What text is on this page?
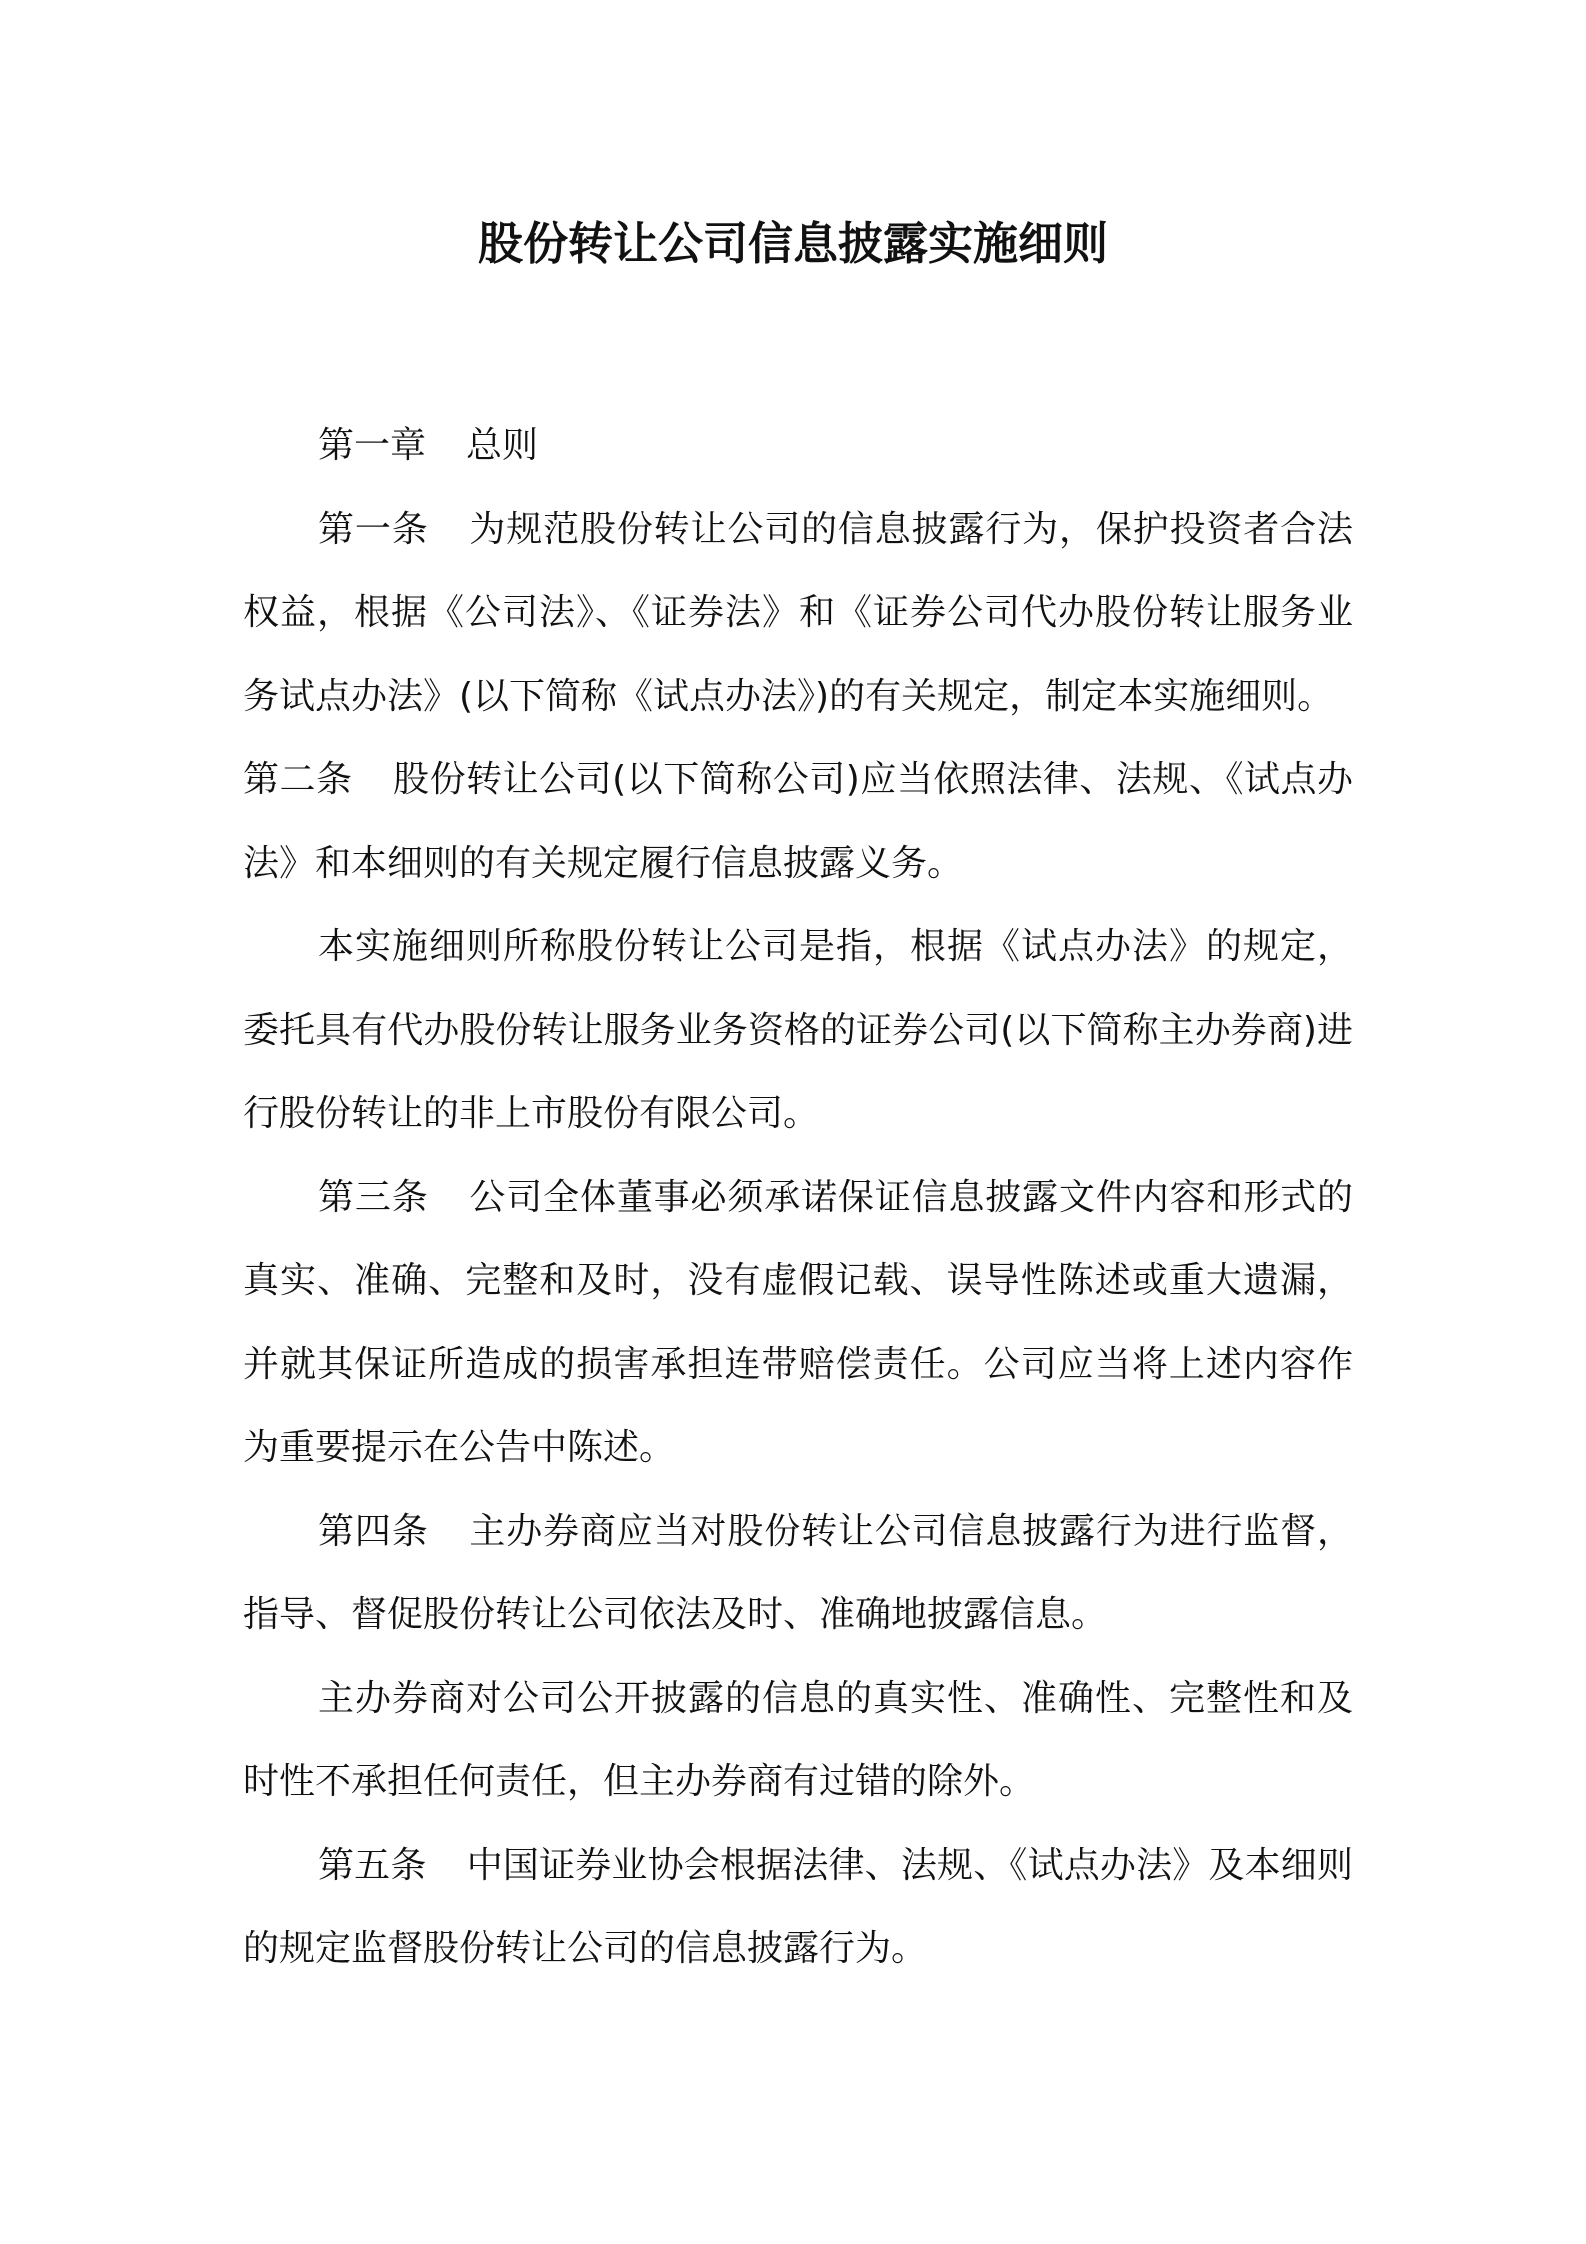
股份转让公司信息披露实施细则

第一章 总则

第一条 为规范股份转让公司的信息披露行为，保护投资者合法权益，根据《公司法》、《证券法》和《证券公司代办股份转让服务业务试点办法》(以下简称《试点办法》)的有关规定，制定本实施细则。

第二条 股份转让公司(以下简称公司)应当依照法律、法规、《试点办法》和本细则的有关规定履行信息披露义务。

本实施细则所称股份转让公司是指，根据《试点办法》的规定，委托具有代办股份转让服务业务资格的证券公司(以下简称主办券商)进行股份转让的非上市股份有限公司。

第三条 公司全体董事必须承诺保证信息披露文件内容和形式的真实、准确、完整和及时，没有虚假记载、误导性陈述或重大遗漏，并就其保证所造成的损害承担连带赔偿责任。公司应当将上述内容作为重要提示在公告中陈述。

第四条 主办券商应当对股份转让公司信息披露行为进行监督，指导、督促股份转让公司依法及时、准确地披露信息。

主办券商对公司公开披露的信息的真实性、准确性、完整性和及时性不承担任何责任，但主办券商有过错的除外。

第五条 中国证券业协会根据法律、法规、《试点办法》及本细则的规定监督股份转让公司的信息披露行为。
